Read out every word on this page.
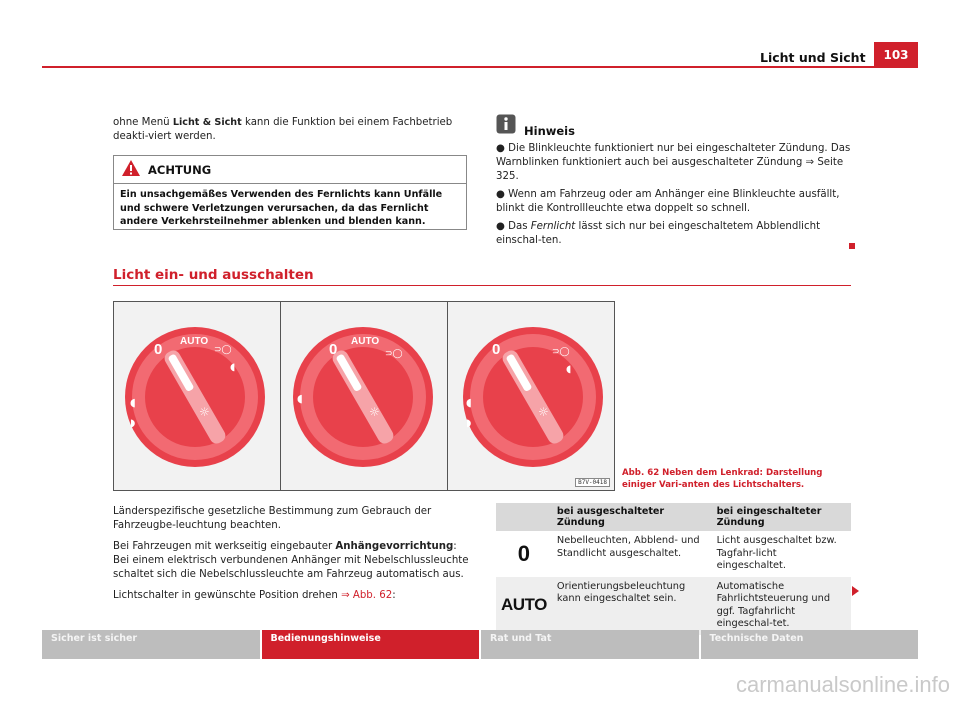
Licht und Sicht	103
ohne Menü Licht & Sicht kann die Funktion bei einem Fachbetrieb deakti-viert werden.
ACHTUNG
Ein unsachgemäßes Verwenden des Fernlichts kann Unfälle und schwere Verletzungen verursachen, da das Fernlicht andere Verkehrsteilnehmer ablenken und blenden kann.
Hinweis
● Die Blinkleuchte funktioniert nur bei eingeschalteter Zündung. Das Warnblinken funktioniert auch bei ausgeschalteter Zündung ⇒ Seite 325.
● Wenn am Fahrzeug oder am Anhänger eine Blinkleuchte ausfällt, blinkt die Kontrollleuchte etwa doppelt so schnell.
● Das Fernlicht lässt sich nur bei eingeschaltetem Abblendlicht einschal-ten.
Licht ein- und ausschalten
0 AUTO
⊃◯
◖
◖
◗
☼
0 AUTO
⊃◯
◖
☼
0	⊃◯
◖
◖
◗
☼
B7V-0418
Abb. 62 Neben dem Lenkrad: Darstellung einiger Vari-anten des Lichtschalters.

Länderspezifische gesetzliche Bestimmung zum Gebrauch der Fahrzeugbe-leuchtung beachten.

Bei Fahrzeugen mit werkseitig eingebauter Anhängevorrichtung: Bei einem elektrisch verbundenen Anhänger mit Nebelschlussleuchte schaltet sich die Nebelschlussleuchte am Fahrzeug automatisch aus.

Lichtschalter in gewünschte Position drehen ⇒ Abb. 62:

	bei ausgeschalteter Zündung	bei eingeschalteter Zündung
0	Nebelleuchten, Abblend- und Standlicht ausgeschaltet.	Licht ausgeschaltet bzw. Tagfahr-licht eingeschaltet.
AUTO	Orientierungsbeleuchtung kann eingeschaltet sein.	Automatische Fahrlichtsteuerung und ggf. Tagfahrlicht eingeschal-tet.
Sicher ist sicher	Bedienungshinweise	Rat und Tat	Technische Daten
carmanualsonline.info
